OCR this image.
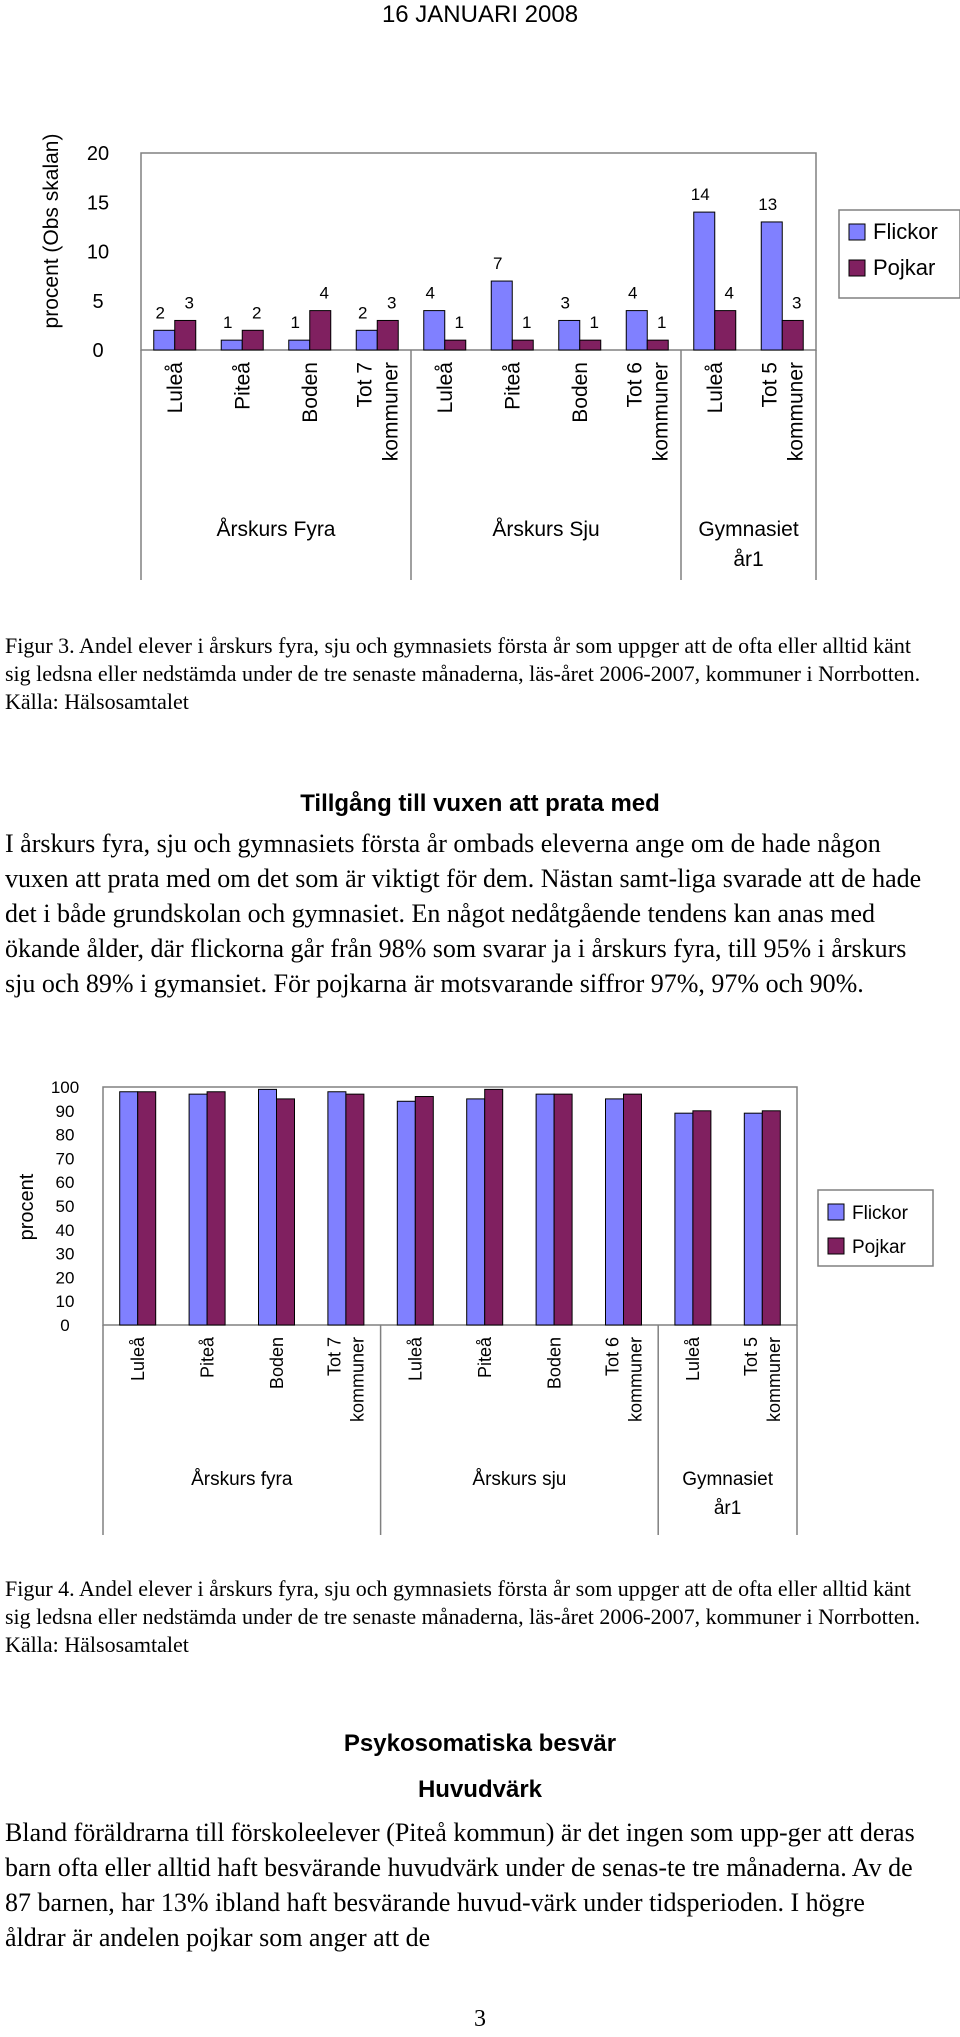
16 JANUARI 2008
20
15
10
5
0
procent (Obs skalan)	2
3
Luleå
1
2
Piteå
1
4
Boden
2
3
Tot 7 kommuner
4
1
Luleå
7
1
Piteå
3
1
Boden
4
1
Tot 6 kommuner
14
4
Luleå
13
3
Tot 5 kommuner
Årskurs Fyra	Årskurs Sju	Gymnasiet år1
Flickor
Pojkar

Figur 3. Andel elever i årskurs fyra, sju och gymnasiets första år som uppger att de ofta eller alltid känt sig ledsna eller nedstämda under de tre senaste månaderna, läs-året 2006-2007, kommuner i Norrbotten.

Källa: Hälsosamtalet

Tillgång till vuxen att prata med

I årskurs fyra, sju och gymnasiets första år ombads eleverna ange om de hade någon vuxen att prata med om det som är viktigt för dem. Nästan samt-liga svarade att de hade det i både grundskolan och gymnasiet. En något nedåtgående tendens kan anas med ökande ålder, där flickorna går från 98% som svarar ja i årskurs fyra, till 95% i årskurs sju och 89% i gymansiet. För pojkarna är motsvarande siffror 97%, 97% och 90%.

100
90
80
70
60
50
40
30
20
10
0
procent
Luleå	Piteå	Boden Tot 7 kommuner Luleå	Piteå	Boden Tot 6 kommuner Luleå Tot 5 kommuner
Årskurs fyra	Årskurs sju	Gymnasiet år1
Flickor
Pojkar

Figur 4. Andel elever i årskurs fyra, sju och gymnasiets första år som uppger att de ofta eller alltid känt sig ledsna eller nedstämda under de tre senaste månaderna, läs-året 2006-2007, kommuner i Norrbotten.

Källa: Hälsosamtalet

Psykosomatiska besvär
Huvudvärk

Bland föräldrarna till förskoleelever (Piteå kommun) är det ingen som upp-ger att deras barn ofta eller alltid haft besvärande huvudvärk under de senas-te tre månaderna. Av de 87 barnen, har 13% ibland haft besvärande huvud-värk under tidsperioden. I högre åldrar är andelen pojkar som anger att de

3
